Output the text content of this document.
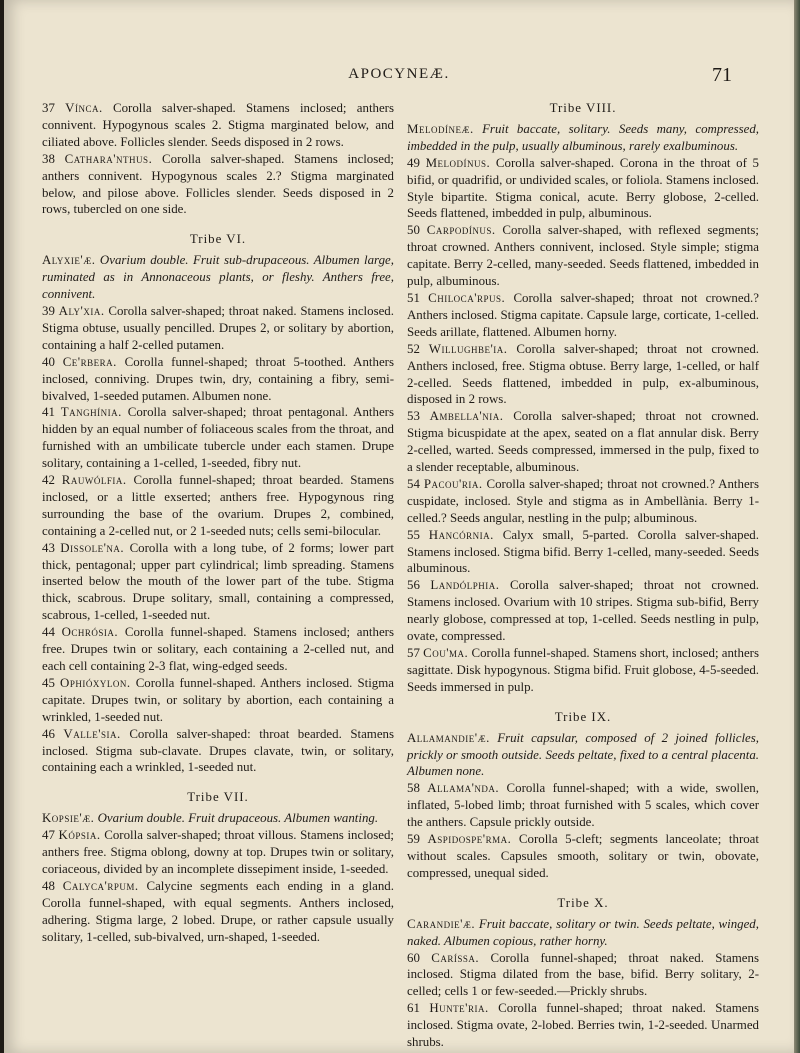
APOCYNEÆ.	71

37 Vínca. Corolla salver-shaped. Stamens inclosed; anthers connivent. Hypogynous scales 2. Stigma marginated below, and ciliated above. Follicles slender. Seeds disposed in 2 rows.

38 Cathara'nthus. Corolla salver-shaped. Stamens inclosed; anthers connivent. Hypogynous scales 2.? Stigma marginated below, and pilose above. Follicles slender. Seeds disposed in 2 rows, tubercled on one side.

Tribe VI.

Alyxie'æ. Ovarium double. Fruit sub-drupaceous. Albumen large, ruminated as in Annonaceous plants, or fleshy. Anthers free, connivent.

39 Aly'xia. Corolla salver-shaped; throat naked. Stamens inclosed. Stigma obtuse, usually pencilled. Drupes 2, or solitary by abortion, containing a half 2-celled putamen.

40 Ce'rbera. Corolla funnel-shaped; throat 5-toothed. Anthers inclosed, conniving. Drupes twin, dry, containing a fibry, semi-bivalved, 1-seeded putamen. Albumen none.

41 Tanghínia. Corolla salver-shaped; throat pentagonal. Anthers hidden by an equal number of foliaceous scales from the throat, and furnished with an umbilicate tubercle under each stamen. Drupe solitary, containing a 1-celled, 1-seeded, fibry nut.

42 Rauwólfia. Corolla funnel-shaped; throat bearded. Stamens inclosed, or a little exserted; anthers free. Hypogynous ring surrounding the base of the ovarium. Drupes 2, combined, containing a 2-celled nut, or 2 1-seeded nuts; cells semi-bilocular.

43 Dissole'na. Corolla with a long tube, of 2 forms; lower part thick, pentagonal; upper part cylindrical; limb spreading. Stamens inserted below the mouth of the lower part of the tube. Stigma thick, scabrous. Drupe solitary, small, containing a compressed, scabrous, 1-celled, 1-seeded nut.

44 Ochrósia. Corolla funnel-shaped. Stamens inclosed; anthers free. Drupes twin or solitary, each containing a 2-celled nut, and each cell containing 2-3 flat, wing-edged seeds.

45 Ophióxylon. Corolla funnel-shaped. Anthers inclosed. Stigma capitate. Drupes twin, or solitary by abortion, each containing a wrinkled, 1-seeded nut.

46 Valle'sia. Corolla salver-shaped: throat bearded. Stamens inclosed. Stigma sub-clavate. Drupes clavate, twin, or solitary, containing each a wrinkled, 1-seeded nut.

Tribe VII.

Kopsie'æ. Ovarium double. Fruit drupaceous. Albumen wanting.

47 Kópsia. Corolla salver-shaped; throat villous. Stamens inclosed; anthers free. Stigma oblong, downy at top. Drupes twin or solitary, coriaceous, divided by an incomplete dissepiment inside, 1-seeded.

48 Calyca'rpum. Calycine segments each ending in a gland. Corolla funnel-shaped, with equal segments. Anthers inclosed, adhering. Stigma large, 2 lobed. Drupe, or rather capsule usually solitary, 1-celled, sub-bivalved, urn-shaped, 1-seeded.

Tribe VIII.

Melodíneæ. Fruit baccate, solitary. Seeds many, compressed, imbedded in the pulp, usually albuminous, rarely exalbuminous.

49 Melodínus. Corolla salver-shaped. Corona in the throat of 5 bifid, or quadrifid, or undivided scales, or foliola. Stamens inclosed. Style bipartite. Stigma conical, acute. Berry globose, 2-celled. Seeds flattened, imbedded in pulp, albuminous.

50 Carpodínus. Corolla salver-shaped, with reflexed segments; throat crowned. Anthers connivent, inclosed. Style simple; stigma capitate. Berry 2-celled, many-seeded. Seeds flattened, imbedded in pulp, albuminous.

51 Chiloca'rpus. Corolla salver-shaped; throat not crowned.? Anthers inclosed. Stigma capitate. Capsule large, corticate, 1-celled. Seeds arillate, flattened. Albumen horny.

52 Willughbe'ia. Corolla salver-shaped; throat not crowned. Anthers inclosed, free. Stigma obtuse. Berry large, 1-celled, or half 2-celled. Seeds flattened, imbedded in pulp, ex-albuminous, disposed in 2 rows.

53 Ambella'nia. Corolla salver-shaped; throat not crowned. Stigma bicuspidate at the apex, seated on a flat annular disk. Berry 2-celled, warted. Seeds compressed, immersed in the pulp, fixed to a slender receptable, albuminous.

54 Pacou'ria. Corolla salver-shaped; throat not crowned.? Anthers cuspidate, inclosed. Style and stigma as in Ambellània. Berry 1-celled.? Seeds angular, nestling in the pulp; albuminous.

55 Hancórnia. Calyx small, 5-parted. Corolla salver-shaped. Stamens inclosed. Stigma bifid. Berry 1-celled, many-seeded. Seeds albuminous.

56 Landólphia. Corolla salver-shaped; throat not crowned. Stamens inclosed. Ovarium with 10 stripes. Stigma sub-bifid, Berry nearly globose, compressed at top, 1-celled. Seeds nestling in pulp, ovate, compressed.

57 Cou'ma. Corolla funnel-shaped. Stamens short, inclosed; anthers sagittate. Disk hypogynous. Stigma bifid. Fruit globose, 4-5-seeded. Seeds immersed in pulp.

Tribe IX.

Allamandie'æ. Fruit capsular, composed of 2 joined follicles, prickly or smooth outside. Seeds peltate, fixed to a central placenta. Albumen none.

58 Allama'nda. Corolla funnel-shaped; with a wide, swollen, inflated, 5-lobed limb; throat furnished with 5 scales, which cover the anthers. Capsule prickly outside.

59 Aspidospe'rma. Corolla 5-cleft; segments lanceolate; throat without scales. Capsules smooth, solitary or twin, obovate, compressed, unequal sided.

Tribe X.

Carandie'æ. Fruit baccate, solitary or twin. Seeds peltate, winged, naked. Albumen copious, rather horny.

60 Caríssa. Corolla funnel-shaped; throat naked. Stamens inclosed. Stigma dilated from the base, bifid. Berry solitary, 2-celled; cells 1 or few-seeded.—Prickly shrubs.

61 Hunte'ria. Corolla funnel-shaped; throat naked. Stamens inclosed. Stigma ovate, 2-lobed. Berries twin, 1-2-seeded. Unarmed shrubs.
